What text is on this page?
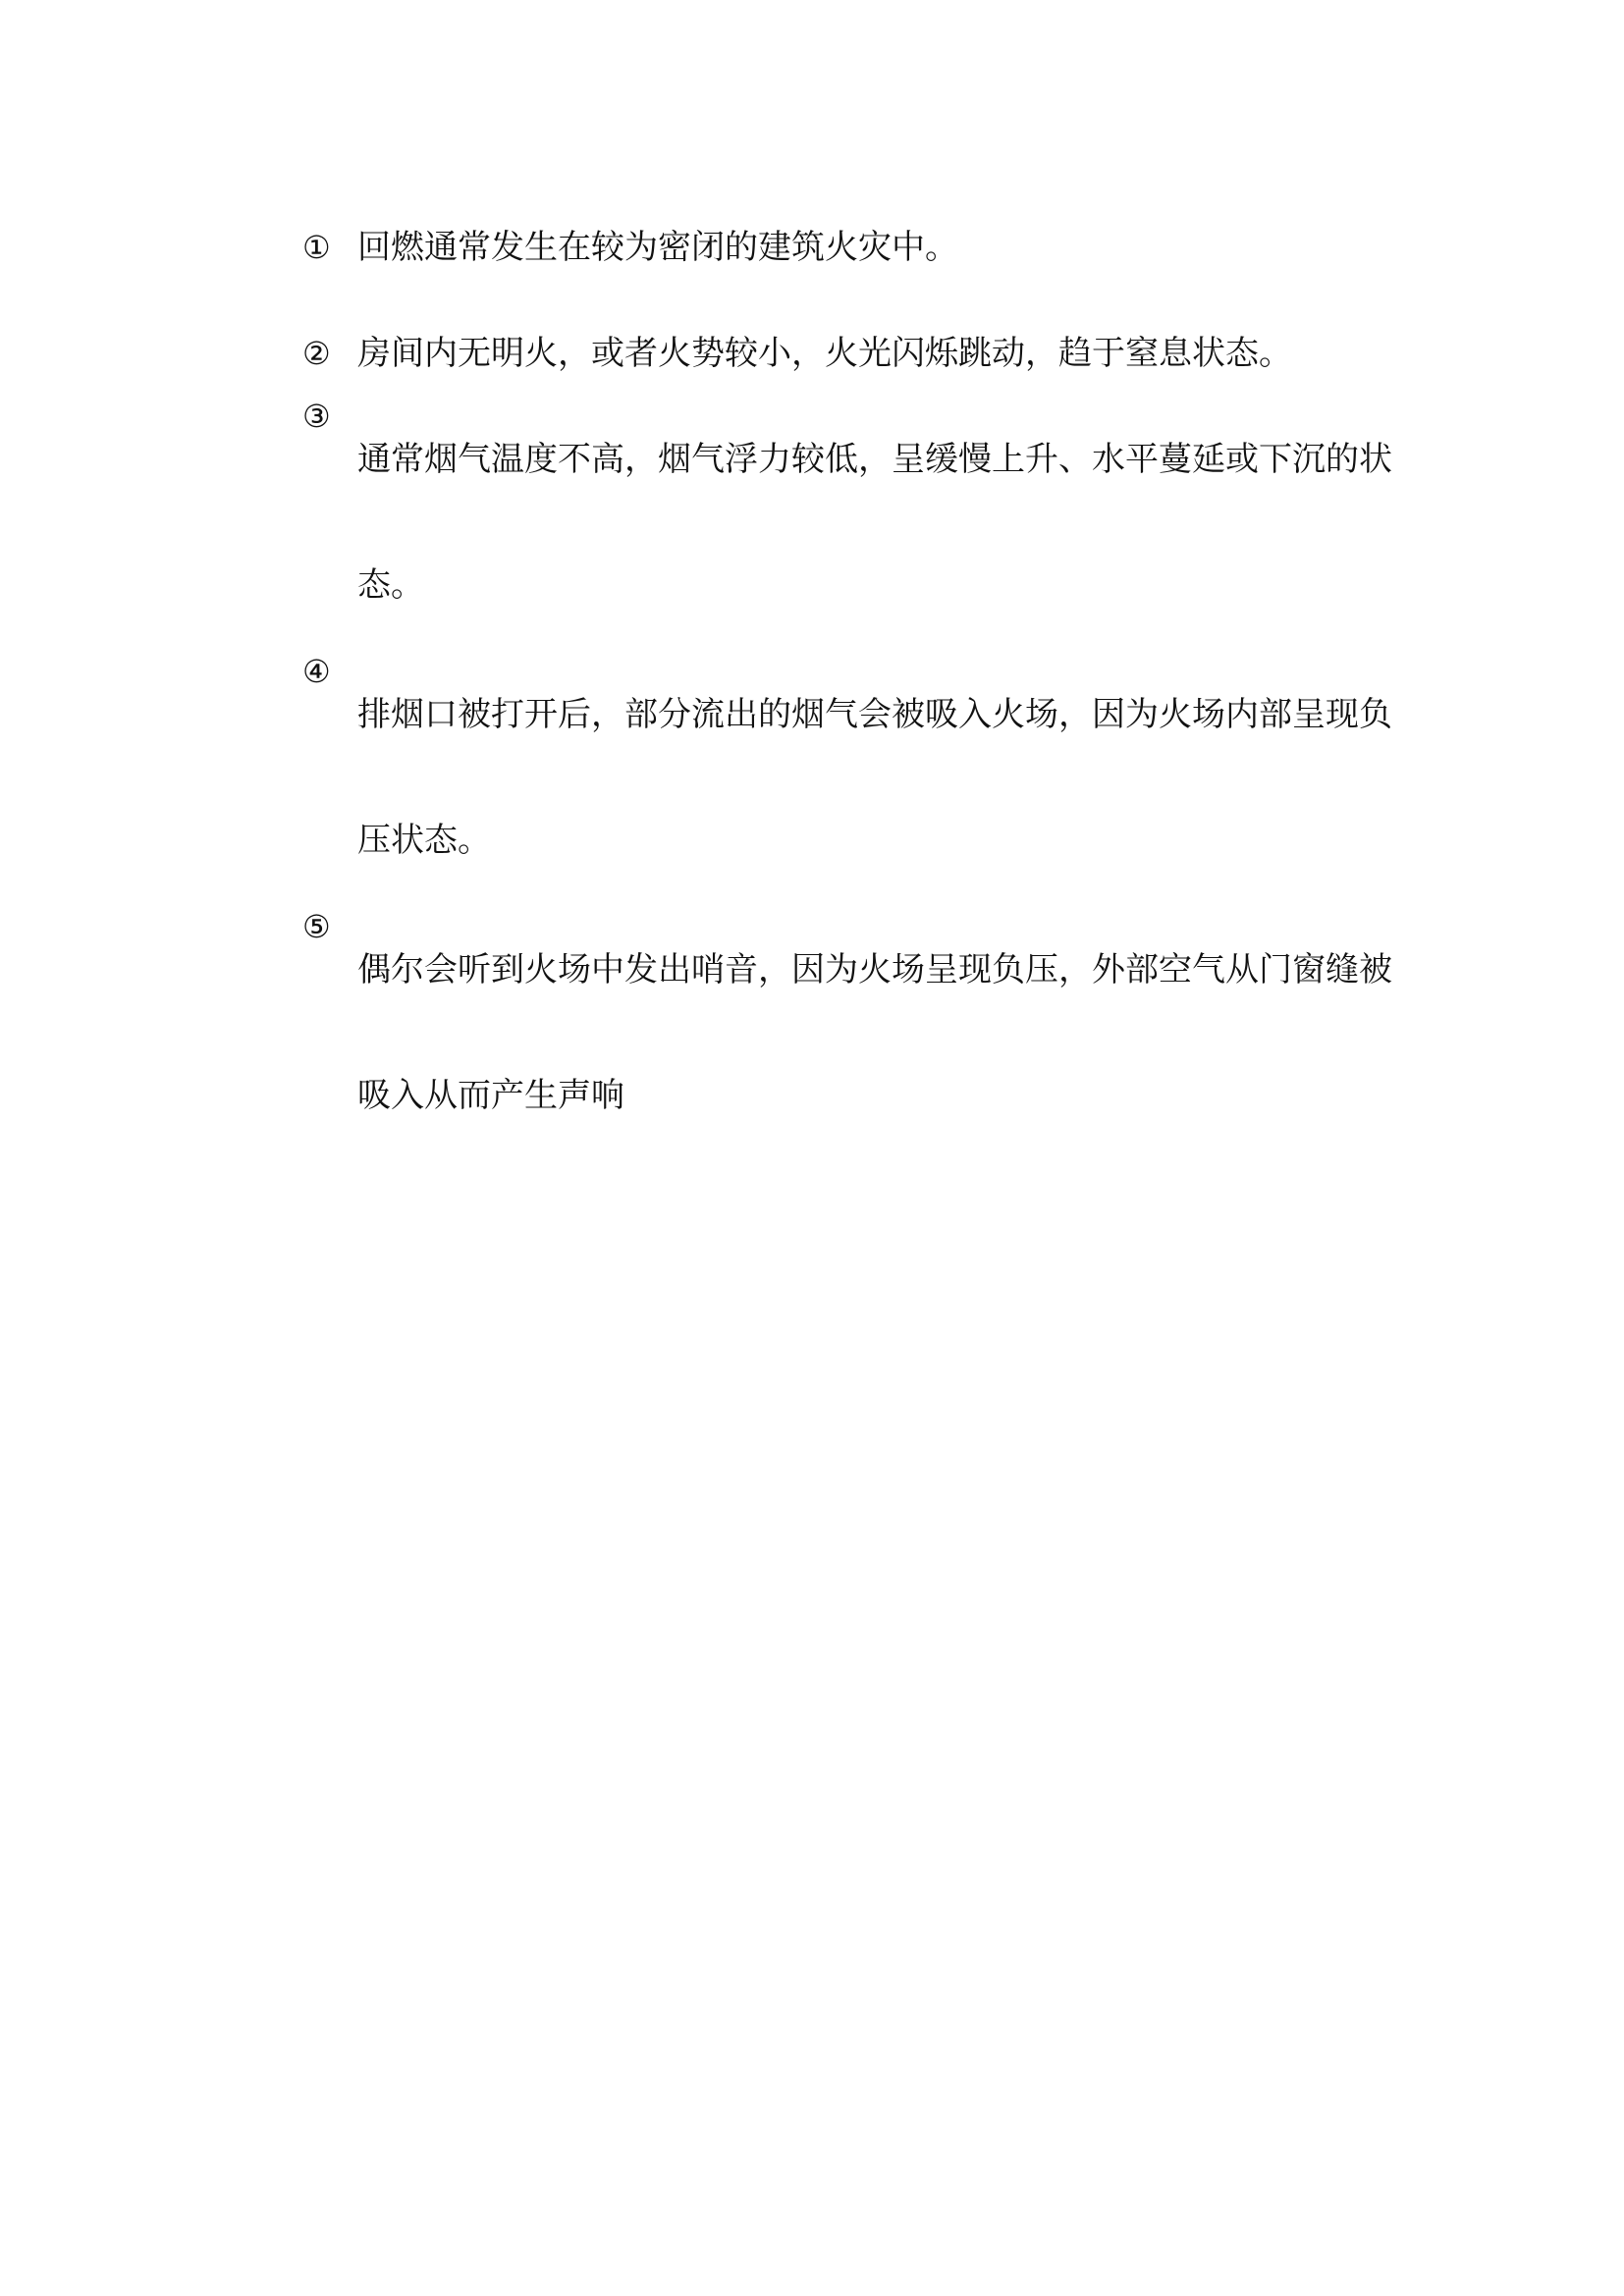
① 回燃通常发生在较为密闭的建筑火灾中。
② 房间内无明火，或者火势较小，火光闪烁跳动，趋于窒息状态。
③
通常烟气温度不高，烟气浮力较低，呈缓慢上升、水平蔓延或下沉的状态。
④
排烟口被打开后，部分流出的烟气会被吸入火场，因为火场内部呈现负压状态。
⑤
偶尔会听到火场中发出哨音，因为火场呈现负压，外部空气从门窗缝被吸入从而产生声响
